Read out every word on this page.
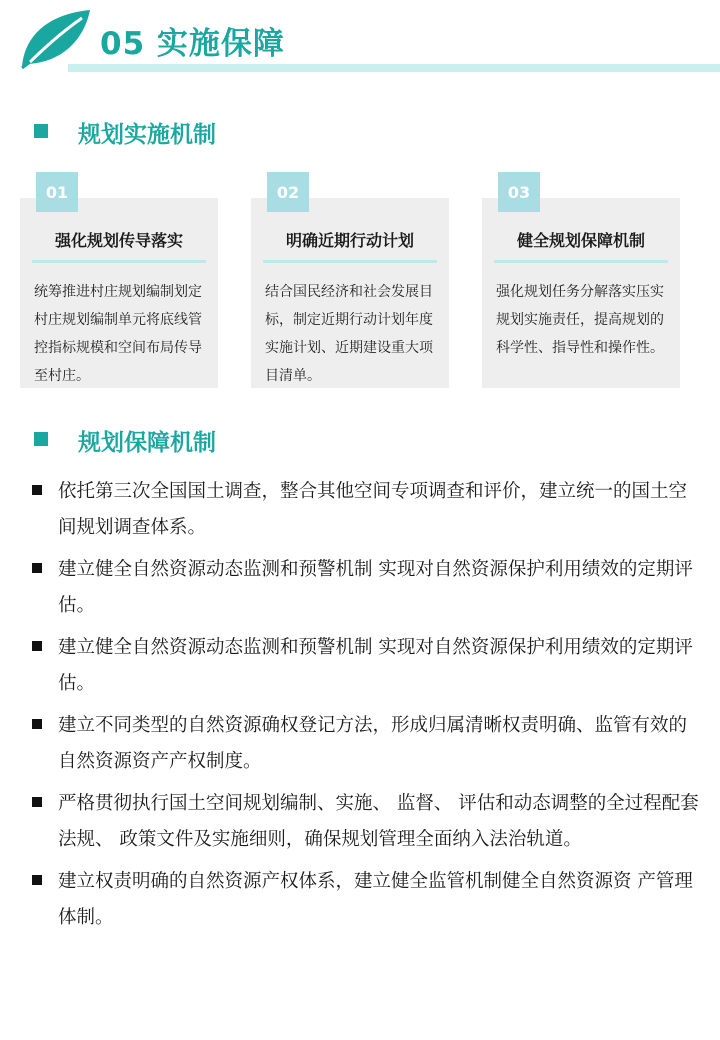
05 实施保障
规划实施机制
01
强化规划传导落实
统筹推进村庄规划编制划定村庄规划编制单元将底线管控指标规模和空间布局传导至村庄。
02
明确近期行动计划
结合国民经济和社会发展目标，制定近期行动计划年度实施计划、近期建设重大项目清单。
03
健全规划保障机制
强化规划任务分解落实压实规划实施责任，提高规划的科学性、指导性和操作性。
规划保障机制
依托第三次全国国土调查，整合其他空间专项调查和评价，建立统一的国土空间规划调查体系。
建立健全自然资源动态监测和预警机制 实现对自然资源保护利用绩效的定期评估。
建立健全自然资源动态监测和预警机制 实现对自然资源保护利用绩效的定期评估。
建立不同类型的自然资源确权登记方法，形成归属清晰权责明确、监管有效的自然资源资产产权制度。
严格贯彻执行国土空间规划编制、实施、 监督、 评估和动态调整的全过程配套法规、 政策文件及实施细则，确保规划管理全面纳入法治轨道。
建立权责明确的自然资源产权体系，建立健全监管机制健全自然资源资 产管理体制。
